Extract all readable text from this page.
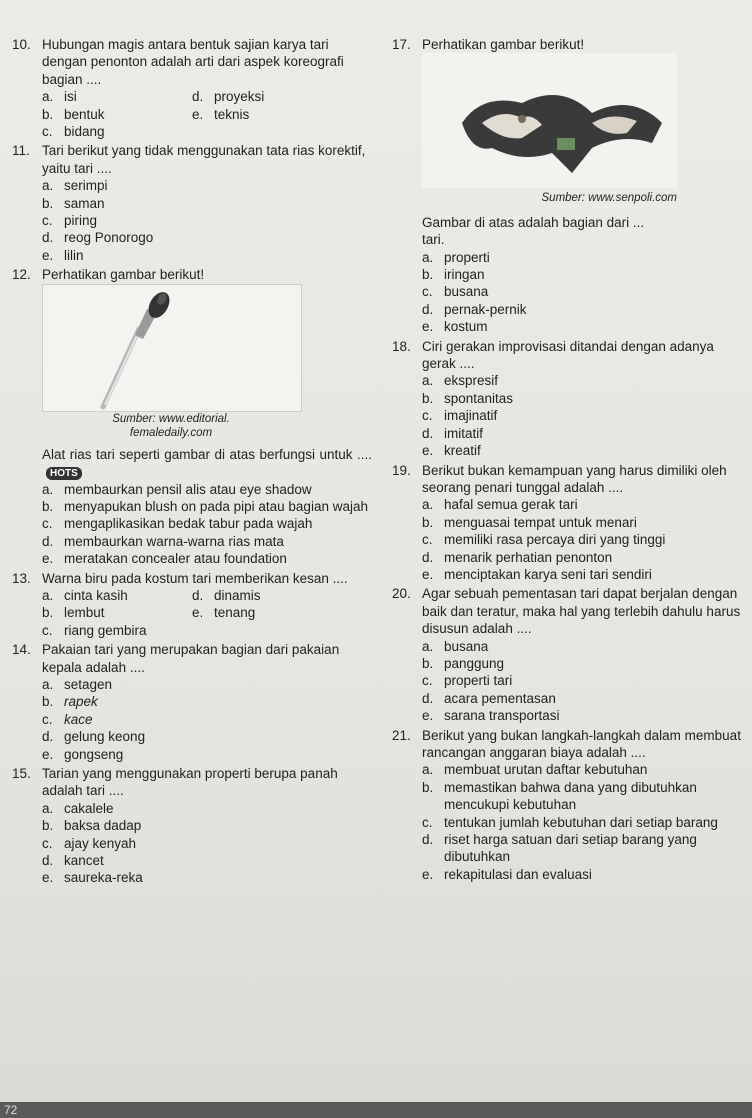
10. Hubungan magis antara bentuk sajian karya tari dengan penonton adalah arti dari aspek koreografi bagian ....
a. isi	d. proyeksi
b. bentuk	e. teknis
c. bidang
11. Tari berikut yang tidak menggunakan tata rias korektif, yaitu tari ....
a. serimpi
b. saman
c. piring
d. reog Ponorogo
e. lilin
12. Perhatikan gambar berikut!
Sumber: www.editorial.
femaledaily.com
Alat rias tari seperti gambar di atas berfungsi untuk ....HOTS
a. membaurkan pensil alis atau eye shadow
b. menyapukan blush on pada pipi atau bagian wajah
c. mengaplikasikan bedak tabur pada wajah
d. membaurkan warna-warna rias mata
e. meratakan concealer atau foundation
13. Warna biru pada kostum tari memberikan kesan ....
a. cinta kasih	d. dinamis
b. lembut	e. tenang
c. riang gembira
14. Pakaian tari yang merupakan bagian dari pakaian kepala adalah ....
a. setagen
b. rapek
c. kace
d. gelung keong
e. gongseng
15. Tarian yang menggunakan properti berupa panah adalah tari ....
a. cakalele
b. baksa dadap
c. ajay kenyah
d. kancet
e. saureka-reka
17. Perhatikan gambar berikut!
Sumber: www.senpoli.com
Gambar di atas adalah bagian dari ...
tari.
a. properti
b. iringan
c. busana
d. pernak-pernik
e. kostum
18. Ciri gerakan improvisasi ditandai dengan adanya gerak ....
a. ekspresif
b. spontanitas
c. imajinatif
d. imitatif
e. kreatif
19. Berikut bukan kemampuan yang harus dimiliki oleh seorang penari tunggal adalah ....
a. hafal semua gerak tari
b. menguasai tempat untuk menari
c. memiliki rasa percaya diri yang tinggi
d. menarik perhatian penonton
e. menciptakan karya seni tari sendiri
20. Agar sebuah pementasan tari dapat berjalan dengan baik dan teratur, maka hal yang terlebih dahulu harus disusun adalah ....
a. busana
b. panggung
c. properti tari
d. acara pementasan
e. sarana transportasi
21. Berikut yang bukan langkah-langkah dalam membuat rancangan anggaran biaya adalah ....
a. membuat urutan daftar kebutuhan
b. memastikan bahwa dana yang dibutuhkan mencukupi kebutuhan
c. tentukan jumlah kebutuhan dari setiap barang
d. riset harga satuan dari setiap barang yang dibutuhkan
e. rekapitulasi dan evaluasi
72
